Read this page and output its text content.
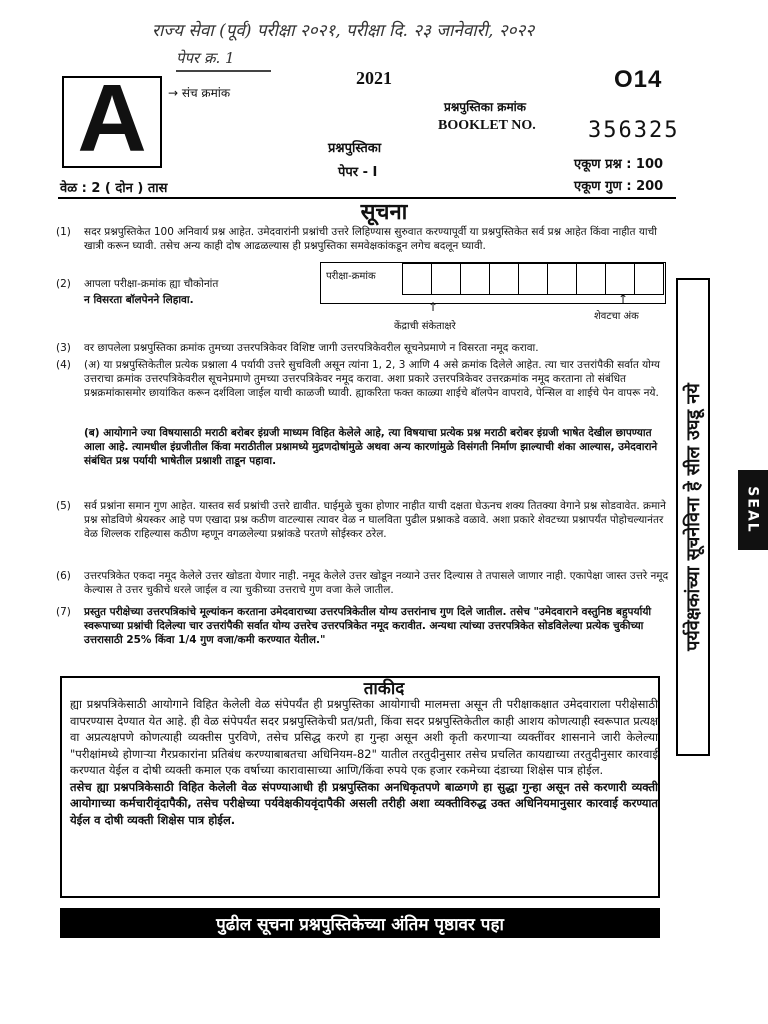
राज्य सेवा (पूर्व) परीक्षा २०२१, परीक्षा दि. २३ जानेवारी, २०२२
पेपर क्र. 1
A	→ संच क्रमांक
2021	O14
प्रश्नपुस्तिका क्रमांक
BOOKLET NO. 356325
प्रश्नपुस्तिका
पेपर - I
एकूण प्रश्न : 100
एकूण गुण : 200
वेळ : 2 ( दोन ) तास
सूचना
(1) सदर प्रश्नपुस्तिकेत 100 अनिवार्य प्रश्न आहेत. उमेदवारांनी प्रश्नांची उत्तरे लिहिण्यास सुरुवात करण्यापूर्वी या प्रश्नपुस्तिकेत सर्व प्रश्न आहेत किंवा नाहीत याची खात्री करून घ्यावी. तसेच अन्य काही दोष आढळल्यास ही प्रश्नपुस्तिका समवेक्षकांकडून लगेच बदलून घ्यावी.
(2) आपला परीक्षा-क्रमांक ह्या चौकोनांत
न विसरता बॉलपेनने लिहावा.
परीक्षा-क्रमांक
↑
↑
केंद्राची संकेताक्षरे
शेवटचा अंक
(3) वर छापलेला प्रश्नपुस्तिका क्रमांक तुमच्या उत्तरपत्रिकेवर विशिष्ट जागी उत्तरपत्रिकेवरील सूचनेप्रमाणे न विसरता नमूद करावा.
(4) (अ) या प्रश्नपुस्तिकेतील प्रत्येक प्रश्नाला 4 पर्यायी उत्तरे सुचविली असून त्यांना 1, 2, 3 आणि 4 असे क्रमांक दिलेले आहेत. त्या चार उत्तरांपैकी सर्वात योग्य उत्तराचा क्रमांक उत्तरपत्रिकेवरील सूचनेप्रमाणे तुमच्या उत्तरपत्रिकेवर नमूद करावा. अशा प्रकारे उत्तरपत्रिकेवर उत्तरक्रमांक नमूद करताना तो संबंधित प्रश्नक्रमांकासमोर छायांकित करून दर्शविला जाईल याची काळजी घ्यावी. ह्याकरिता फक्त काळ्या शाईचे बॉलपेन वापरावे, पेन्सिल वा शाईचे पेन वापरू नये.
(ब) आयोगाने ज्या विषयासाठी मराठी बरोबर इंग्रजी माध्यम विहित केलेले आहे, त्या विषयाचा प्रत्येक प्रश्न मराठी बरोबर इंग्रजी भाषेत देखील छापण्यात आला आहे. त्यामधील इंग्रजीतील किंवा मराठीतील प्रश्नामध्ये मुद्रणदोषांमुळे अथवा अन्य कारणांमुळे विसंगती निर्माण झाल्याची शंका आल्यास, उमेदवाराने संबंधित प्रश्न पर्यायी भाषेतील प्रश्नाशी ताडून पहावा.
(5) सर्व प्रश्नांना समान गुण आहेत. यास्तव सर्व प्रश्नांची उत्तरे द्यावीत. घाईमुळे चुका होणार नाहीत याची दक्षता घेऊनच शक्य तितक्या वेगाने प्रश्न सोडवावेत. क्रमाने प्रश्न सोडविणे श्रेयस्कर आहे पण एखादा प्रश्न कठीण वाटल्यास त्यावर वेळ न घालविता पुढील प्रश्नाकडे वळावे. अशा प्रकारे शेवटच्या प्रश्नापर्यंत पोहोचल्यानंतर वेळ शिल्लक राहिल्यास कठीण म्हणून वगळलेल्या प्रश्नांकडे परतणे सोईस्कर ठरेल.
(6) उत्तरपत्रिकेत एकदा नमूद केलेले उत्तर खोडता येणार नाही. नमूद केलेले उत्तर खोडून नव्याने उत्तर दिल्यास ते तपासले जाणार नाही. एकापेक्षा जास्त उत्तरे नमूद केल्यास ते उत्तर चुकीचे धरले जाईल व त्या चुकीच्या उत्तराचे गुण वजा केले जातील.
(7) प्रस्तुत परीक्षेच्या उत्तरपत्रिकांचे मूल्यांकन करताना उमेदवाराच्या उत्तरपत्रिकेतील योग्य उत्तरांनाच गुण दिले जातील. तसेच "उमेदवाराने वस्तुनिष्ठ बहुपर्यायी स्वरूपाच्या प्रश्नांची दिलेल्या चार उत्तरांपैकी सर्वात योग्य उत्तरेच उत्तरपत्रिकेत नमूद करावीत. अन्यथा त्यांच्या उत्तरपत्रिकेत सोडविलेल्या प्रत्येक चुकीच्या उत्तरासाठी 25% किंवा 1/4 गुण वजा/कमी करण्यात येतील."	पर्यवेक्षकांच्या सूचनेविना हे सील उघडू नये	SEAL
ताकीद
ह्या प्रश्नपत्रिकेसाठी आयोगाने विहित केलेली वेळ संपेपर्यंत ही प्रश्नपुस्तिका आयोगाची मालमत्ता असून ती परीक्षाकक्षात उमेदवाराला परीक्षेसाठी वापरण्यास देण्यात येत आहे. ही वेळ संपेपर्यंत सदर प्रश्नपुस्तिकेची प्रत/प्रती, किंवा सदर प्रश्नपुस्तिकेतील काही आशय कोणत्याही स्वरूपात प्रत्यक्ष वा अप्रत्यक्षपणे कोणत्याही व्यक्तीस पुरविणे, तसेच प्रसिद्ध करणे हा गुन्हा असून अशी कृती करणाऱ्या व्यक्तींवर शासनाने जारी केलेल्या "परीक्षांमध्ये होणाऱ्या गैरप्रकारांना प्रतिबंध करण्याबाबतचा अधिनियम-82" यातील तरतुदीनुसार तसेच प्रचलित कायद्याच्या तरतुदीनुसार कारवाई करण्यात येईल व दोषी व्यक्ती कमाल एक वर्षाच्या कारावासाच्या आणि/किंवा रुपये एक हजार रकमेच्या दंडाच्या शिक्षेस पात्र होईल.
तसेच ह्या प्रश्नपत्रिकेसाठी विहित केलेली वेळ संपण्याआधी ही प्रश्नपुस्तिका अनधिकृतपणे बाळगणे हा सुद्धा गुन्हा असून तसे करणारी व्यक्ती आयोगाच्या कर्मचारीवृंदापैकी, तसेच परीक्षेच्या पर्यवेक्षकीयवृंदापैकी असली तरीही अशा व्यक्तीविरुद्ध उक्त अधिनियमानुसार कारवाई करण्यात येईल व दोषी व्यक्ती शिक्षेस पात्र होईल.
पुढील सूचना प्रश्नपुस्तिकेच्या अंतिम पृष्ठावर पहा
